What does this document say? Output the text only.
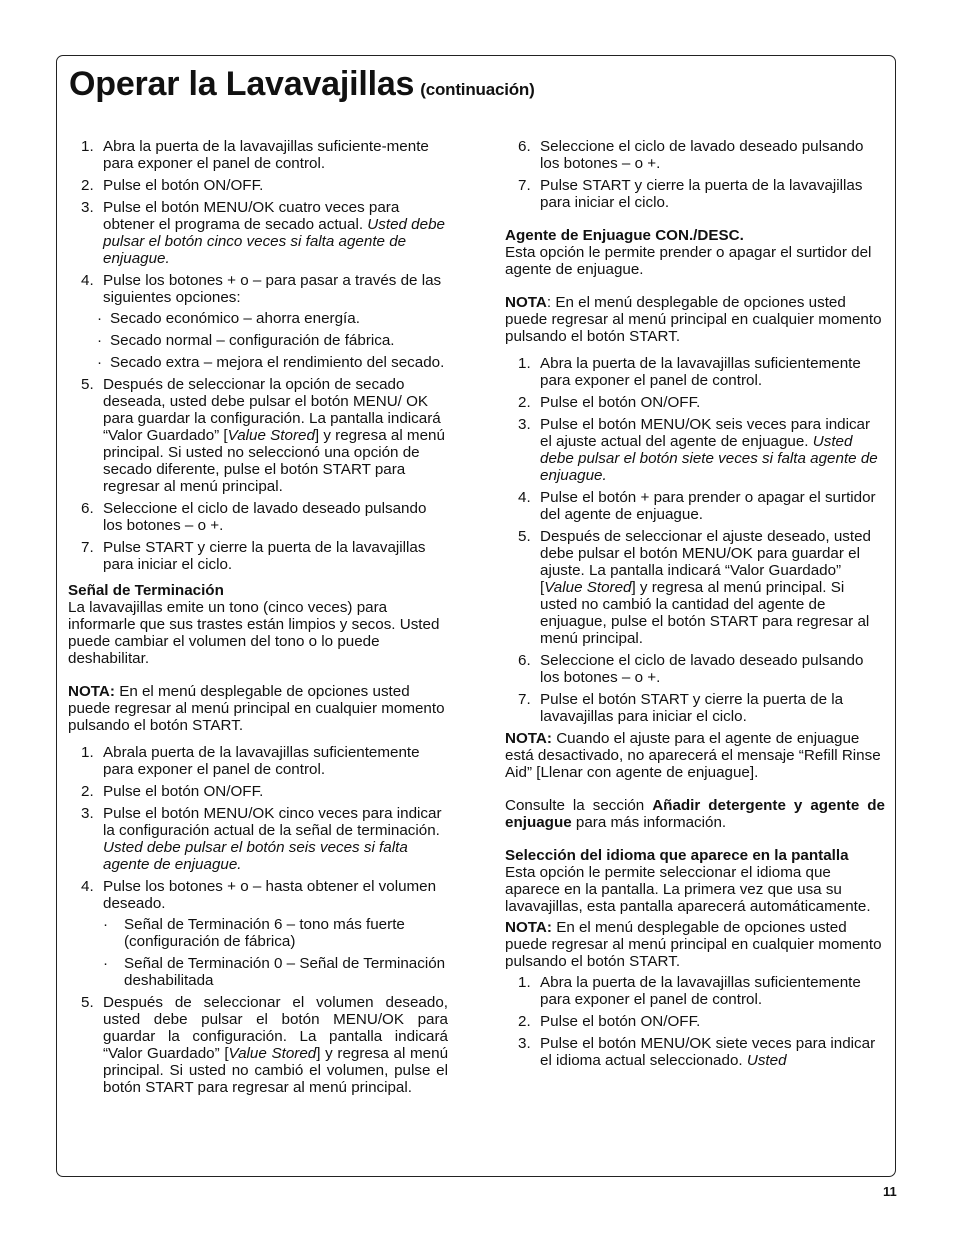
Operar la Lavavajillas (continuación)
1. Abra la puerta de la lavavajillas suficiente-mente para exponer el panel de control.
2. Pulse el botón ON/OFF.
3. Pulse el botón MENU/OK cuatro veces para obtener el programa de secado actual. Usted debe pulsar el botón cinco veces si falta agente de enjuague.
4. Pulse los botones + o – para pasar a través de las siguientes opciones:
· Secado económico – ahorra energía.
· Secado normal – configuración de fábrica.
· Secado extra – mejora el rendimiento del secado.
5. Después de seleccionar la opción de secado deseada, usted debe pulsar el botón MENU/ OK para guardar la configuración. La pantalla indicará “Valor Guardado” [Value Stored] y regresa al menú principal. Si usted no seleccionó una opción de secado diferente, pulse el botón START para regresar al menú principal.
6. Seleccione el ciclo de lavado deseado pulsando los botones – o +.
7. Pulse START y cierre la puerta de la lavavajillas para iniciar el ciclo.

Señal de Terminación

La lavavajillas emite un tono (cinco veces) para informarle que sus trastes están limpios y secos. Usted puede cambiar el volumen del tono o lo puede deshabilitar.

NOTA: En el menú desplegable de opciones usted puede regresar al menú principal en cualquier momento pulsando el botón START.

1. Abrala puerta de la lavavajillas suficientemente para exponer el panel de control.
2. Pulse el botón ON/OFF.
3. Pulse el botón MENU/OK cinco veces para indicar la configuración actual de la señal de terminación. Usted debe pulsar el botón seis veces si falta agente de enjuague.
4. Pulse los botones + o – hasta obtener el volumen deseado.
· Señal de Terminación 6 – tono más fuerte (configuración de fábrica)
· Señal de Terminación 0 – Señal de Terminación deshabilitada
5. Después de seleccionar el volumen deseado, usted debe pulsar el botón MENU/OK para guardar la configuración. La pantalla indicará “Valor Guardado” [Value Stored] y regresa al menú principal. Si usted no cambió el volumen, pulse el botón START para regresar al menú principal.
6. Seleccione el ciclo de lavado deseado pulsando los botones – o +.
7. Pulse START y cierre la puerta de la lavavajillas para iniciar el ciclo.

Agente de Enjuague CON./DESC.

Esta opción le permite prender o apagar el surtidor del agente de enjuague.

NOTA: En el menú desplegable de opciones usted puede regresar al menú principal en cualquier momento pulsando el botón START.

1. Abra la puerta de la lavavajillas suficientemente para exponer el panel de control.
2. Pulse el botón ON/OFF.
3. Pulse el botón MENU/OK seis veces para indicar el ajuste actual del agente de enjuague. Usted debe pulsar el botón siete veces si falta agente de enjuague.
4. Pulse el botón + para prender o apagar el surtidor del agente de enjuague.
5. Después de seleccionar el ajuste deseado, usted debe pulsar el botón MENU/OK para guardar el ajuste. La pantalla indicará “Valor Guardado” [Value Stored] y regresa al menú principal. Si usted no cambió la cantidad del agente de enjuague, pulse el botón START para regresar al menú principal.
6. Seleccione el ciclo de lavado deseado pulsando los botones – o +.
7. Pulse el botón START y cierre la puerta de la lavavajillas para iniciar el ciclo.

NOTA: Cuando el ajuste para el agente de enjuague está desactivado, no aparecerá el mensaje “Refill Rinse Aid” [Llenar con agente de enjuague].

Consulte la sección Añadir detergente y agente de enjuague para más información.

Selección del idioma que aparece en la pantalla

Esta opción le permite seleccionar el idioma que aparece en la pantalla. La primera vez que usa su lavavajillas, esta pantalla aparecerá automáticamente.

NOTA: En el menú desplegable de opciones usted puede regresar al menú principal en cualquier momento pulsando el botón START.

1. Abra la puerta de la lavavajillas suficientemente para exponer el panel de control.
2. Pulse el botón ON/OFF.
3. Pulse el botón MENU/OK siete veces para indicar el idioma actual seleccionado. Usted
11
